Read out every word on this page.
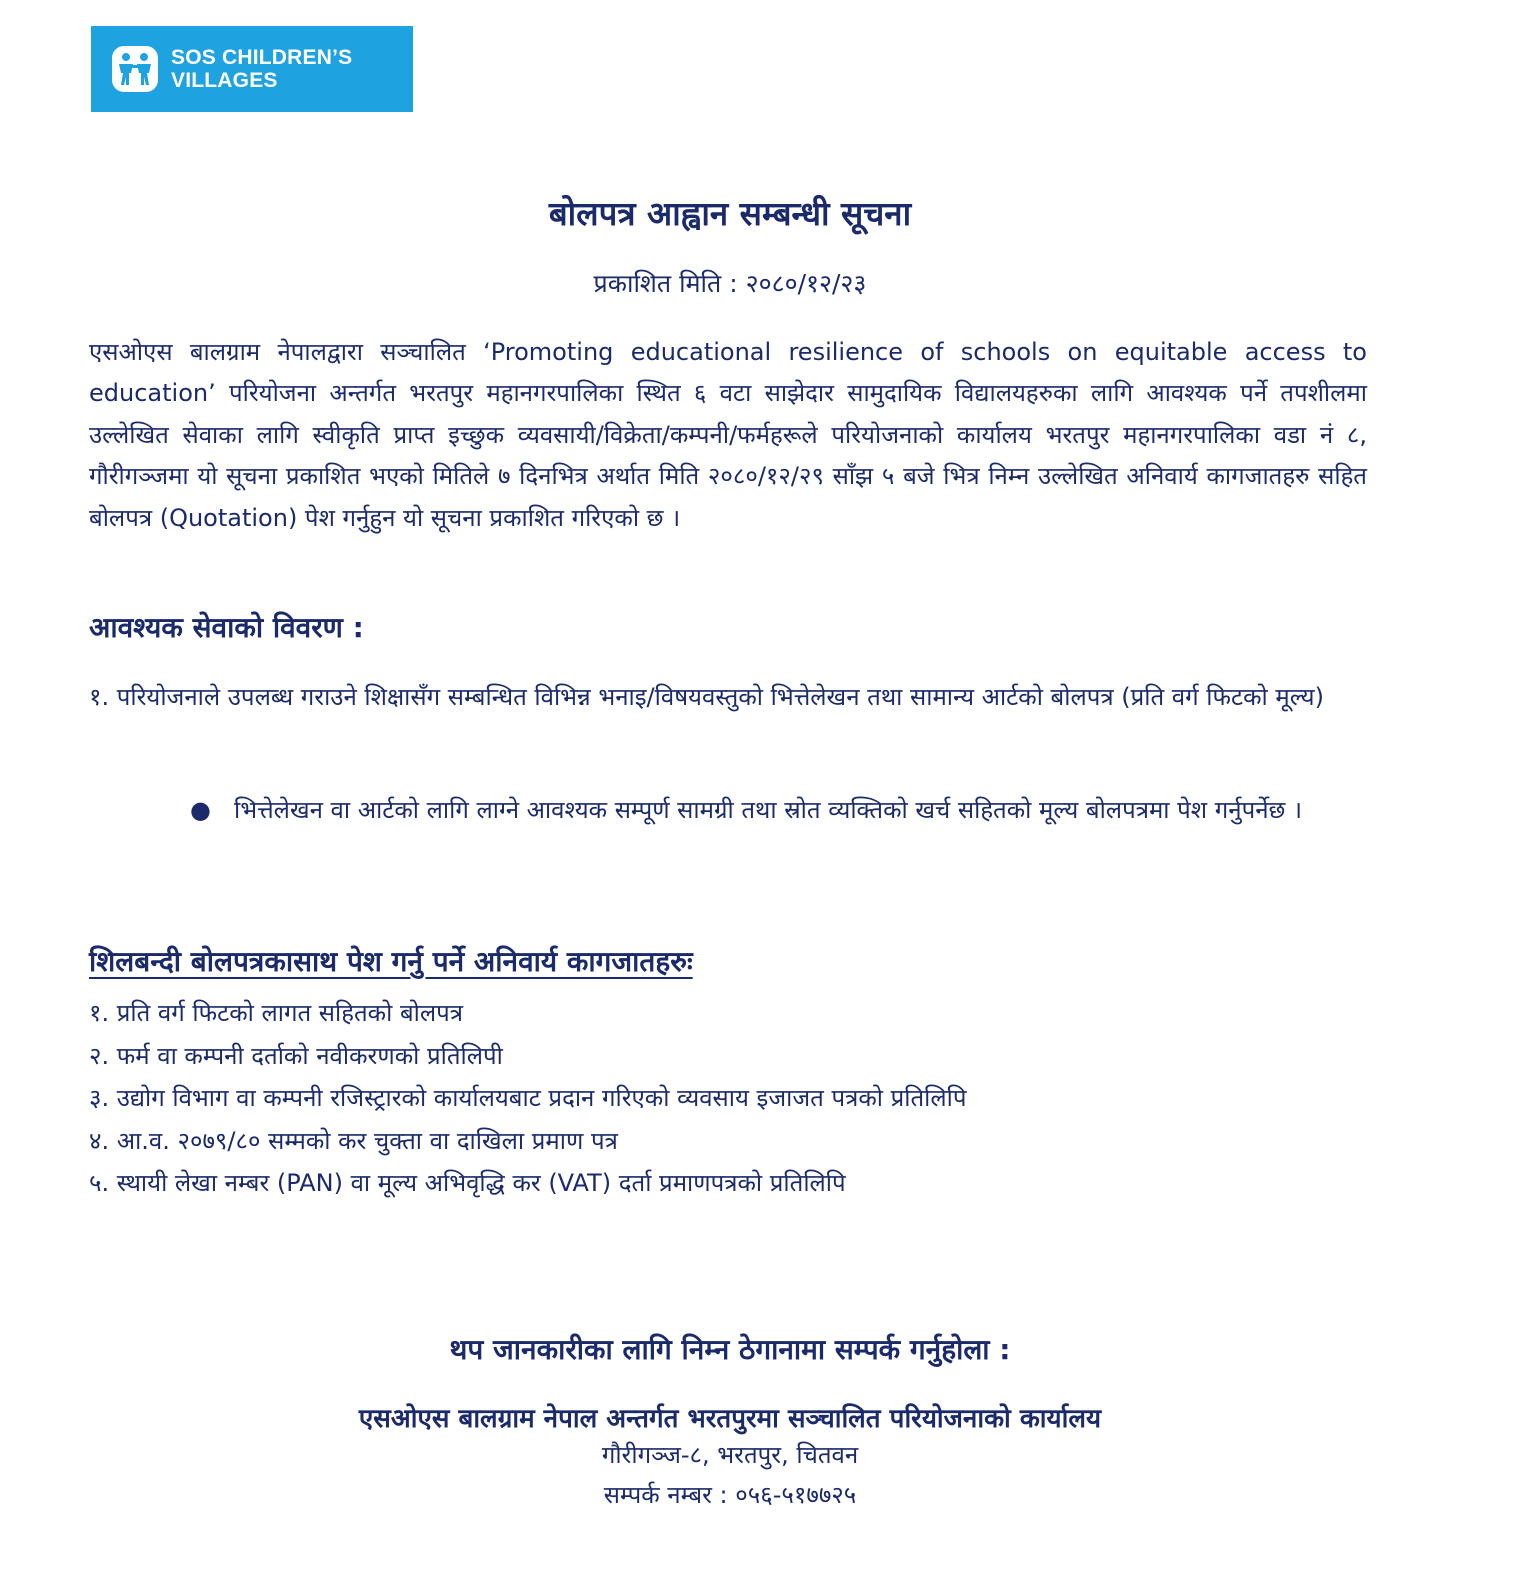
SOS CHILDREN’S
VILLAGES
बोलपत्र आह्वान सम्बन्धी सूचना
प्रकाशित मिति : २०८०/१२/२३
एसओएस बालग्राम नेपालद्वारा सञ्चालित ‘Promoting educational resilience of schools on equitable access to education’ परियोजना अन्तर्गत भरतपुर महानगरपालिका स्थित ६ वटा साझेदार सामुदायिक विद्यालयहरुका लागि आवश्यक पर्ने तपशीलमा उल्लेखित सेवाका लागि स्वीकृति प्राप्त इच्छुक व्यवसायी/विक्रेता/कम्पनी/फर्महरूले परियोजनाको कार्यालय भरतपुर महानगरपालिका वडा नं ८, गौरीगञ्जमा यो सूचना प्रकाशित भएको मितिले ७ दिनभित्र अर्थात मिति २०८०/१२/२९ साँझ ५ बजे भित्र निम्न उल्लेखित अनिवार्य कागजातहरु सहित बोलपत्र (Quotation) पेश गर्नुहुन यो सूचना प्रकाशित गरिएको छ ।
आवश्यक सेवाको विवरण :
१. परियोजनाले उपलब्ध गराउने शिक्षासँग सम्बन्धित विभिन्न भनाइ/विषयवस्तुको भित्तेलेखन तथा सामान्य आर्टको बोलपत्र (प्रति वर्ग फिटको मूल्य)
● भित्तेलेखन वा आर्टको लागि लाग्ने आवश्यक सम्पूर्ण सामग्री तथा स्रोत व्यक्तिको खर्च सहितको मूल्य बोलपत्रमा पेश गर्नुपर्नेछ ।
शिलबन्दी बोलपत्रकासाथ पेश गर्नु पर्ने अनिवार्य कागजातहरुः
१. प्रति वर्ग फिटको लागत सहितको बोलपत्र
२. फर्म वा कम्पनी दर्ताको नवीकरणको प्रतिलिपी
३. उद्योग विभाग वा कम्पनी रजिस्ट्रारको कार्यालयबाट प्रदान गरिएको व्यवसाय इजाजत पत्रको प्रतिलिपि
४. आ.व. २०७९/८० सम्मको कर चुक्ता वा दाखिला प्रमाण पत्र
५. स्थायी लेखा नम्बर (PAN) वा मूल्य अभिवृद्धि कर (VAT) दर्ता प्रमाणपत्रको प्रतिलिपि
थप जानकारीका लागि निम्न ठेगानामा सम्पर्क गर्नुहोला :
एसओएस बालग्राम नेपाल अन्तर्गत भरतपुरमा सञ्चालित परियोजनाको कार्यालय
गौरीगञ्ज-८, भरतपुर, चितवन
सम्पर्क नम्बर : ०५६-५१७७२५
